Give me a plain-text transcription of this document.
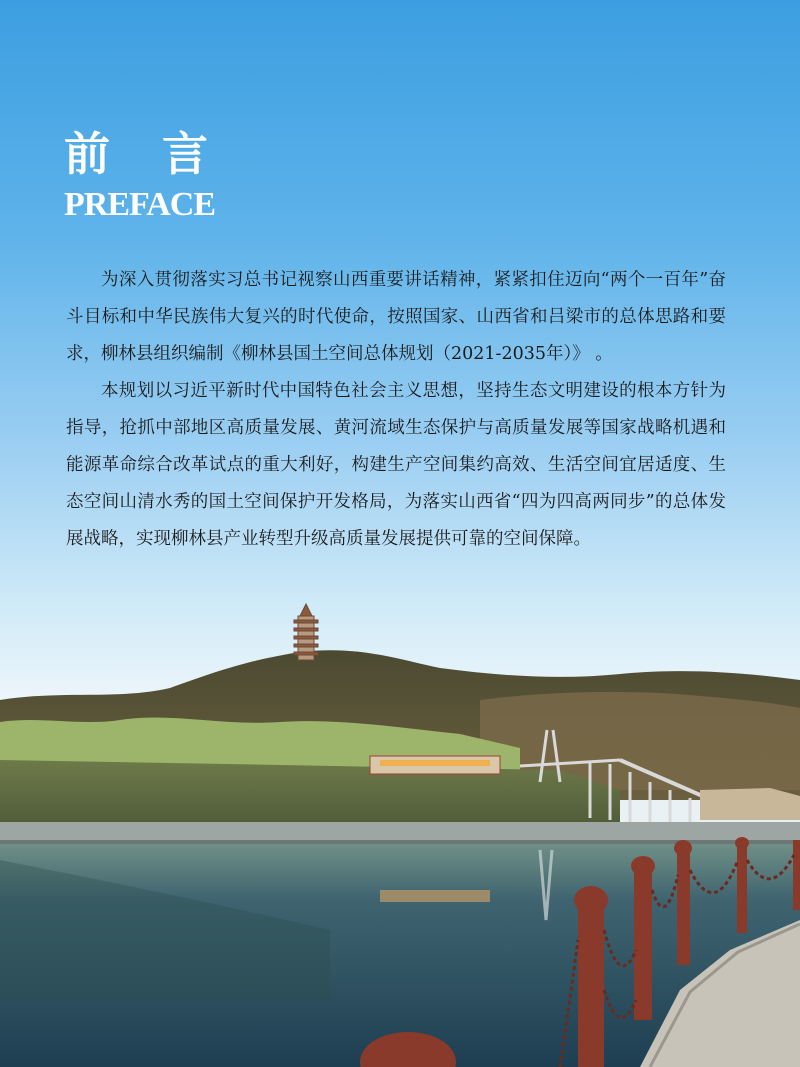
前 言
PREFACE

为深入贯彻落实习总书记视察山西重要讲话精神，紧紧扣住迈向“两个一百年”奋斗目标和中华民族伟大复兴的时代使命，按照国家、山西省和吕梁市的总体思路和要求，柳林县组织编制《柳林县国土空间总体规划（2021-2035年）》 。

本规划以习近平新时代中国特色社会主义思想，坚持生态文明建设的根本方针为指导，抢抓中部地区高质量发展、黄河流域生态保护与高质量发展等国家战略机遇和能源革命综合改革试点的重大利好，构建生产空间集约高效、生活空间宜居适度、生态空间山清水秀的国土空间保护开发格局，为落实山西省“四为四高两同步”的总体发展战略，实现柳林县产业转型升级高质量发展提供可靠的空间保障。
